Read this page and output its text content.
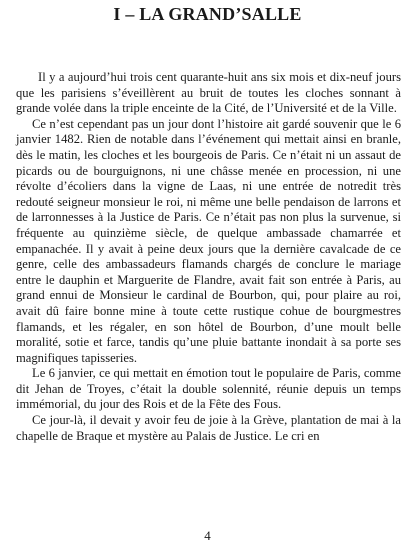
I – LA GRAND’SALLE

Il y a aujourd’hui trois cent quarante-huit ans six mois et dix-neuf jours que les parisiens s’éveillèrent au bruit de toutes les cloches sonnant à grande volée dans la triple enceinte de la Cité, de l’Université et de la Ville.

Ce n’est cependant pas un jour dont l’histoire ait gardé souvenir que le 6 janvier 1482. Rien de notable dans l’événement qui mettait ainsi en branle, dès le matin, les cloches et les bourgeois de Paris. Ce n’était ni un assaut de picards ou de bourguignons, ni une châsse menée en procession, ni une révolte d’écoliers dans la vigne de Laas, ni une entrée de notredit très redouté seigneur monsieur le roi, ni même une belle pendaison de larrons et de larronnesses à la Justice de Paris. Ce n’était pas non plus la survenue, si fréquente au quinzième siècle, de quelque ambassade chamarrée et empanachée. Il y avait à peine deux jours que la dernière cavalcade de ce genre, celle des ambassadeurs flamands chargés de conclure le mariage entre le dauphin et Marguerite de Flandre, avait fait son entrée à Paris, au grand ennui de Monsieur le cardinal de Bourbon, qui, pour plaire au roi, avait dû faire bonne mine à toute cette rustique cohue de bourgmestres flamands, et les régaler, en son hôtel de Bourbon, d’une moult belle moralité, sotie et farce, tandis qu’une pluie battante inondait à sa porte ses magnifiques tapisseries.

Le 6 janvier, ce qui mettait en émotion tout le populaire de Paris, comme dit Jehan de Troyes, c’était la double solennité, réunie depuis un temps immémorial, du jour des Rois et de la Fête des Fous.

Ce jour-là, il devait y avoir feu de joie à la Grève, plantation de mai à la chapelle de Braque et mystère au Palais de Justice. Le cri en

4
